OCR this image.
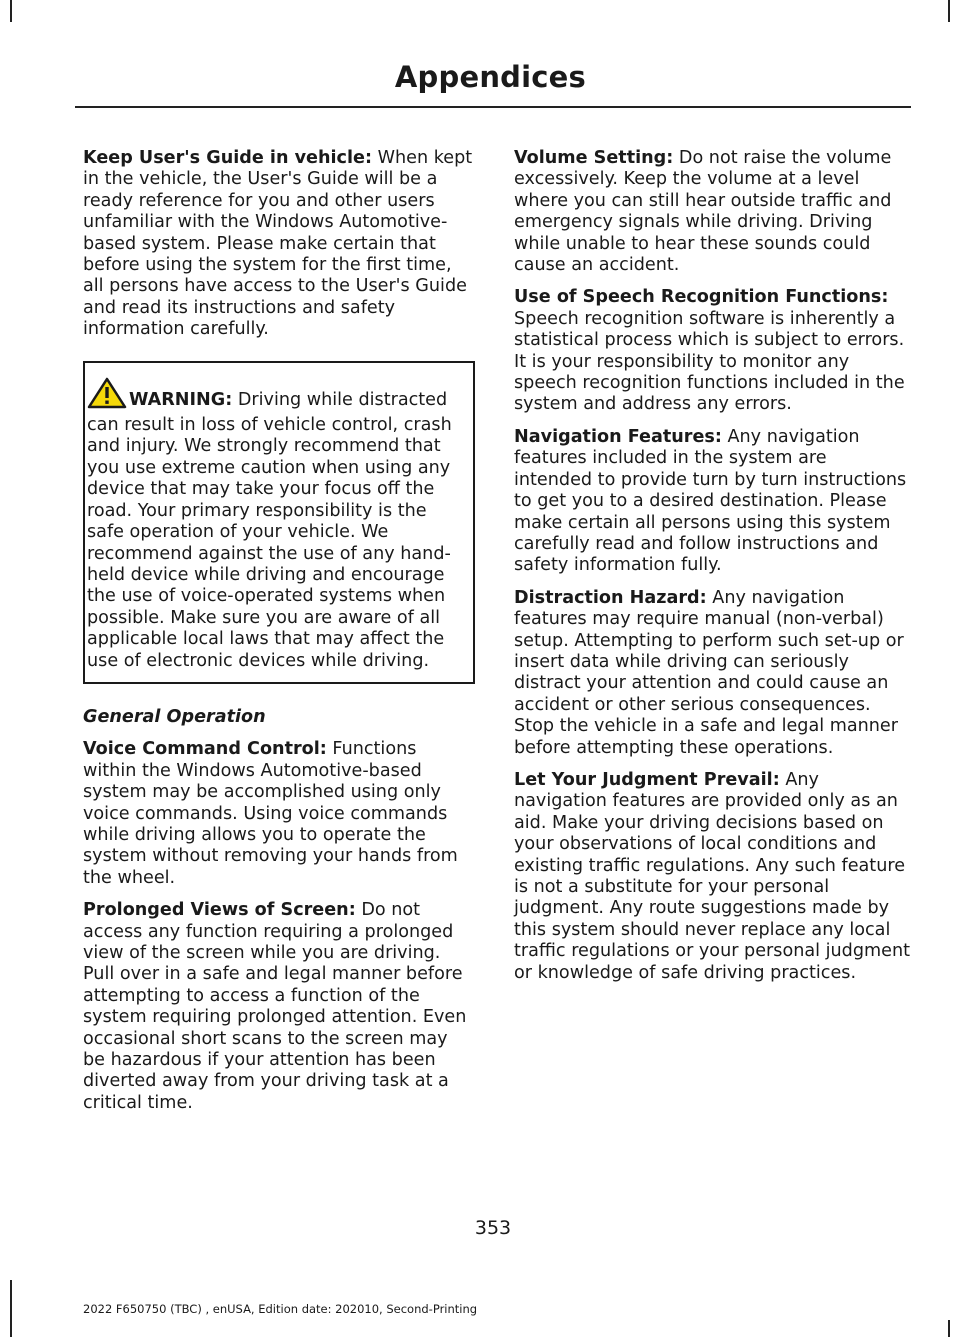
Appendices

Keep User's Guide in vehicle: When kept in the vehicle, the User's Guide will be a ready reference for you and other users unfamiliar with the Windows Automotive-based system. Please make certain that before using the system for the first time, all persons have access to the User's Guide and read its instructions and safety information carefully.

WARNING: Driving while distracted can result in loss of vehicle control, crash and injury. We strongly recommend that you use extreme caution when using any device that may take your focus off the road. Your primary responsibility is the safe operation of your vehicle. We recommend against the use of any hand-held device while driving and encourage the use of voice-operated systems when possible. Make sure you are aware of all applicable local laws that may affect the use of electronic devices while driving.

General Operation

Voice Command Control: Functions within the Windows Automotive-based system may be accomplished using only voice commands. Using voice commands while driving allows you to operate the system without removing your hands from the wheel.

Prolonged Views of Screen: Do not access any function requiring a prolonged view of the screen while you are driving. Pull over in a safe and legal manner before attempting to access a function of the system requiring prolonged attention. Even occasional short scans to the screen may be hazardous if your attention has been diverted away from your driving task at a critical time.

Volume Setting: Do not raise the volume excessively. Keep the volume at a level where you can still hear outside traffic and emergency signals while driving. Driving while unable to hear these sounds could cause an accident.

Use of Speech Recognition Functions: Speech recognition software is inherently a statistical process which is subject to errors. It is your responsibility to monitor any speech recognition functions included in the system and address any errors.

Navigation Features: Any navigation features included in the system are intended to provide turn by turn instructions to get you to a desired destination. Please make certain all persons using this system carefully read and follow instructions and safety information fully.

Distraction Hazard: Any navigation features may require manual (non-verbal) setup. Attempting to perform such set-up or insert data while driving can seriously distract your attention and could cause an accident or other serious consequences. Stop the vehicle in a safe and legal manner before attempting these operations.

Let Your Judgment Prevail: Any navigation features are provided only as an aid. Make your driving decisions based on your observations of local conditions and existing traffic regulations. Any such feature is not a substitute for your personal judgment. Any route suggestions made by this system should never replace any local traffic regulations or your personal judgment or knowledge of safe driving practices.

353
2022 F650750 (TBC) , enUSA, Edition date: 202010, Second-Printing
